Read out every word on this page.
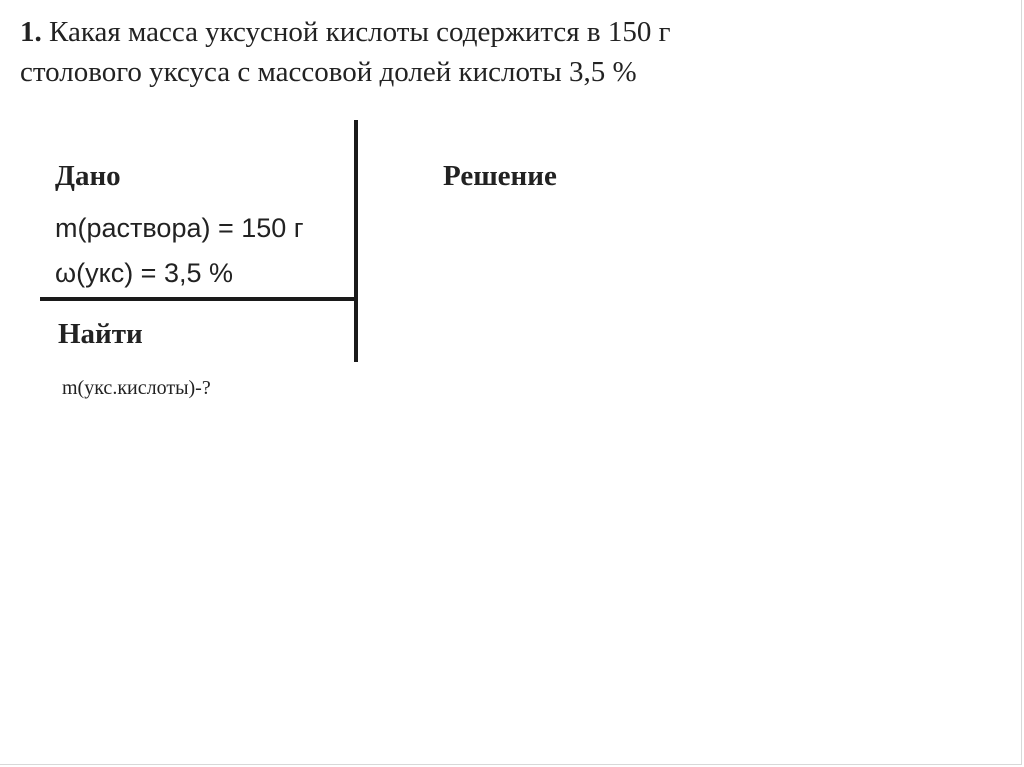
1. Какая масса уксусной кислоты содержится в 150 г
столового уксуса с массовой долей кислоты 3,5 %
Дано
m(раствора) = 150 г
ω(укс) = 3,5 %
Решение
Найти
m(укс.кислоты)-?
